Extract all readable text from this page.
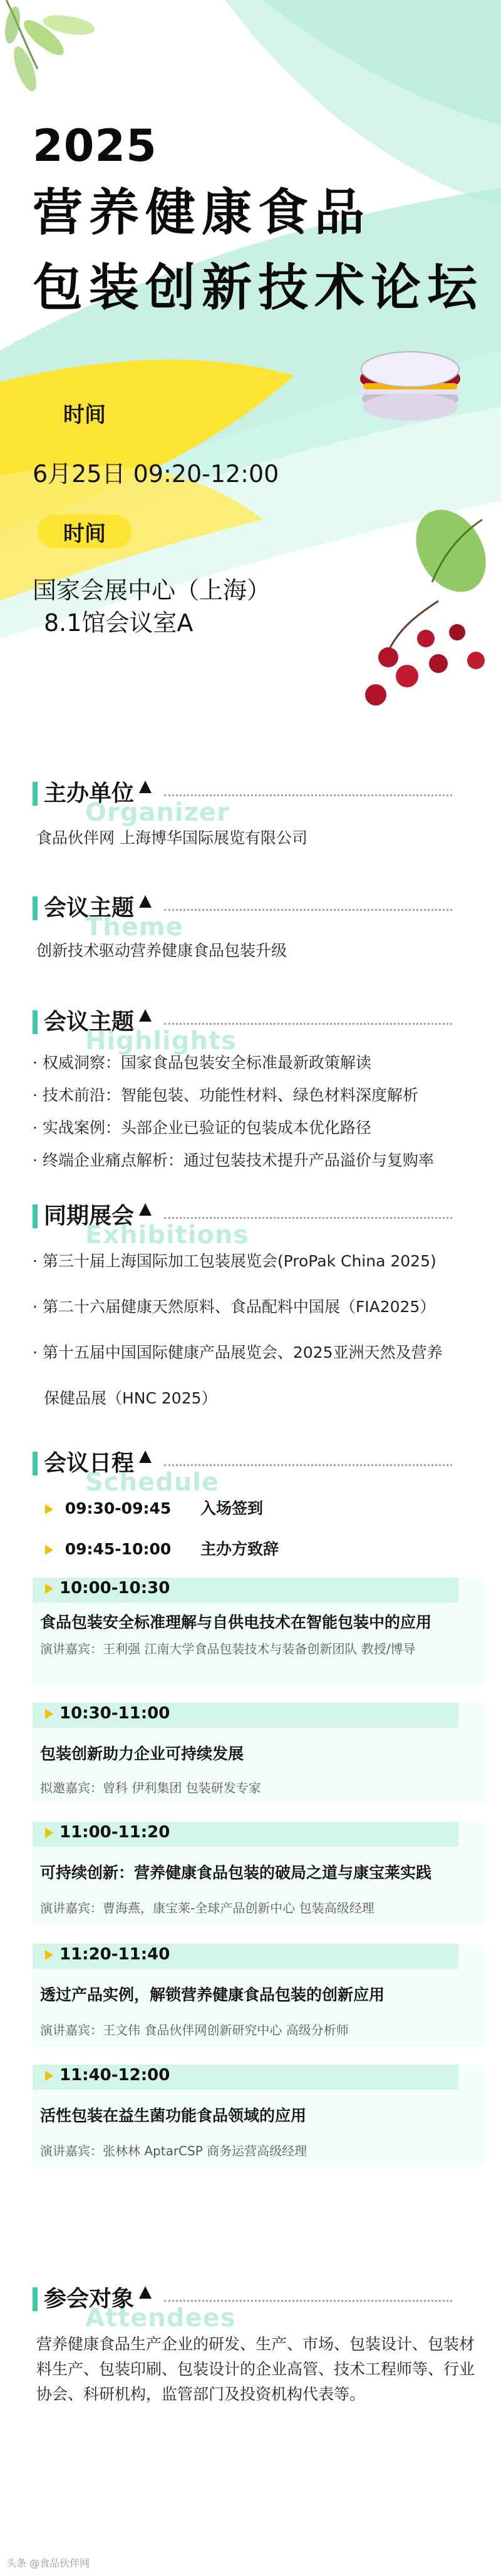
2025
营养健康食品
包装创新技术论坛
时间
6月25日 09:20-12:00
时间
国家会展中心（上海）
8.1馆会议室A
Organizer
主办单位
食品伙伴网 上海博华国际展览有限公司
Theme
会议主题
创新技术驱动营养健康食品包装升级
Highlights
会议主题
· 权威洞察：国家食品包装安全标准最新政策解读
· 技术前沿：智能包装、功能性材料、绿色材料深度解析
· 实战案例：头部企业已验证的包装成本优化路径
· 终端企业痛点解析：通过包装技术提升产品溢价与复购率
Exhibitions
同期展会
· 第三十届上海国际加工包装展览会(ProPak China 2025)
· 第二十六届健康天然原料、食品配料中国展（FIA2025）
· 第十五届中国国际健康产品展览会、2025亚洲天然及营养
保健品展（HNC 2025）
Schedule
会议日程
09:30-09:45 入场签到
09:45-10:00 主办方致辞
10:00-10:30
食品包装安全标准理解与自供电技术在智能包装中的应用
演讲嘉宾：王利强 江南大学食品包装技术与装备创新团队 教授/博导
10:30-11:00
包装创新助力企业可持续发展
拟邀嘉宾：曾科 伊利集团 包装研发专家
11:00-11:20
可持续创新：营养健康食品包装的破局之道与康宝莱实践
演讲嘉宾：曹海燕，康宝莱-全球产品创新中心 包装高级经理
11:20-11:40
透过产品实例，解锁营养健康食品包装的创新应用
演讲嘉宾：王文伟 食品伙伴网创新研究中心 高级分析师
11:40-12:00
活性包装在益生菌功能食品领域的应用
演讲嘉宾：张林林 AptarCSP 商务运营高级经理
Attendees
参会对象
营养健康食品生产企业的研发、生产、市场、包装设计、包装材料生产、包装印刷、包装设计的企业高管、技术工程师等、行业协会、科研机构，监管部门及投资机构代表等。
头条 @食品伙伴网
